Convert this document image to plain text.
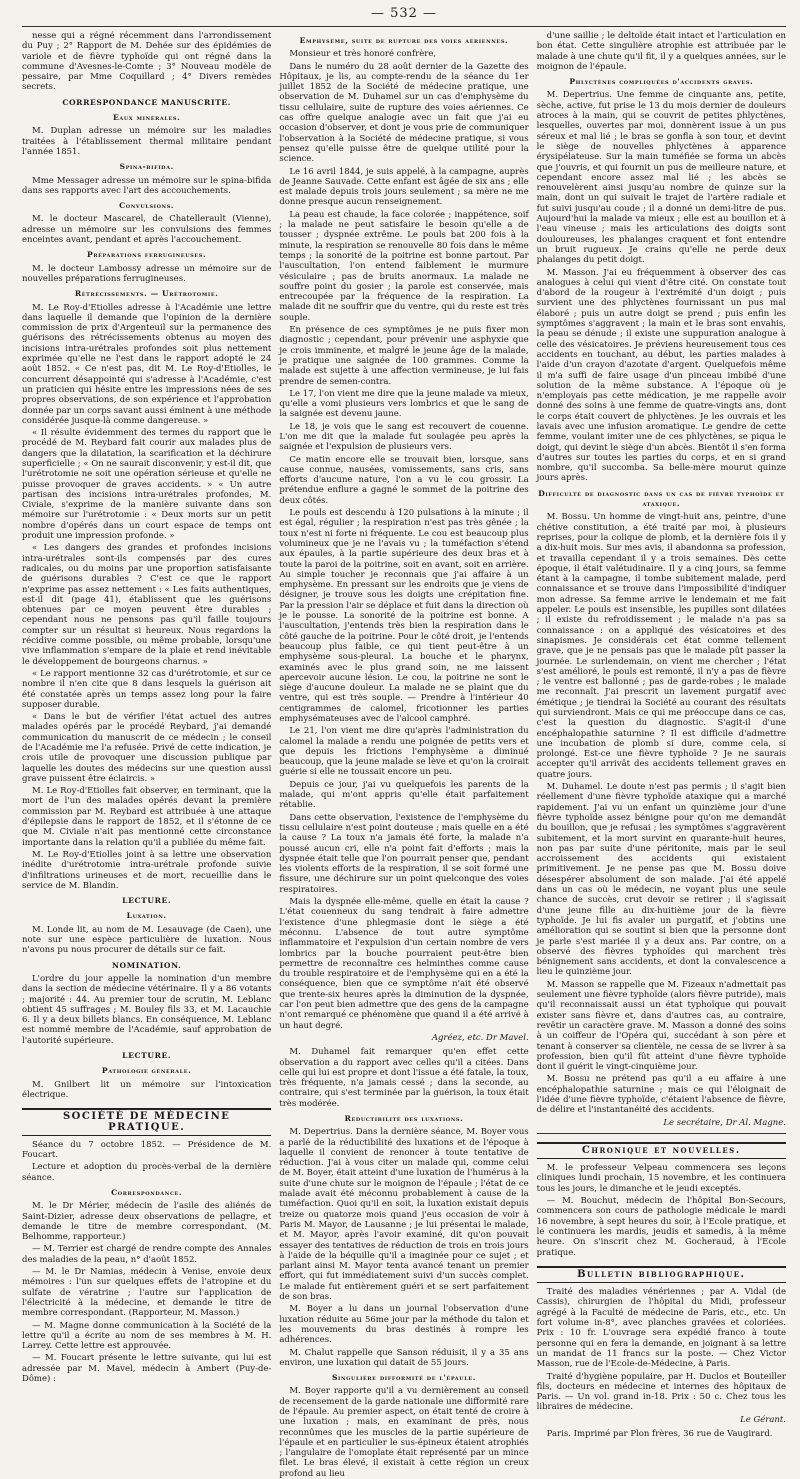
— 532 —

nesse qui a régné récemment dans l'arrondissement du Puy ; 2° Rapport de M. Dehée sur des épidémies de variole et de fièvre typhoïde qui ont régné dans la commune d'Avesnes-le-Comte ; 3° Nouveau modèle de pessaire, par Mme Coquillard ; 4° Divers remèdes secrets.

CORRESPONDANCE MANUSCRITE.
Eaux minérales.

M. Duplan adresse un mémoire sur les maladies traitées à l'établissement thermal militaire pendant l'année 1851.

Spina-bifida.

Mme Messager adresse un mémoire sur le spina-bifida dans ses rapports avec l'art des accouchements.

Convulsions.

M. le docteur Mascarel, de Chatellerault (Vienne), adresse un mémoire sur les convulsions des femmes enceintes avant, pendant et après l'accouchement.

Préparations ferrugineuses.

M. le docteur Lambossy adresse un mémoire sur de nouvelles préparations ferrugineuses.

Rétrécissements. — Urétrotomie.

M. Le Roy-d'Etiolles adresse à l'Académie une lettre dans laquelle il demande que l'opinion de la dernière commission de prix d'Argenteuil sur la permanence des guérisons des rétrécissements obtenus au moyen des incisions intra-urétrales profondes soit plus nettement exprimée qu'elle ne l'est dans le rapport adopté le 24 août 1852. « Ce n'est pas, dit M. Le Roy-d'Etiolles, le concurrent désappointé qui s'adresse à l'Académie, c'est un praticien qui hésite entre les impressions nées de ses propres observations, de son expérience et l'approbation donnée par un corps savant aussi éminent à une méthode considérée jusque-là comme dangereuse. »

« Il résulte évidemment des termes du rapport que le procédé de M. Reybard fait courir aux malades plus de dangers que la dilatation, la scarification et la déchirure superficielle ; « On ne saurait disconvenir, y est-il dit, que l'urétrotomie ne soit une opération sérieuse et qu'elle ne puisse provoquer de graves accidents. » « Un autre partisan des incisions intra-urétrales profondes, M. Civiale, s'exprime de la manière suivante dans son mémoire sur l'urétrotomie : « Deux morts sur un petit nombre d'opérés dans un court espace de temps ont produit une impression profonde. »

« Les dangers des grandes et profondes incisions intra-urétrales sont-ils compensés par des cures radicales, ou du moins par une proportion satisfaisante de guérisons durables ? C'est ce que le rapport n'exprime pas assez nettement : « Les faits authentiques, est-il dit (page 41), établissent que les guérisons obtenues par ce moyen peuvent être durables ; cependant nous ne pensons pas qu'il faille toujours compter sur un résultat si heureux. Nous regardons la récidive comme possible, ou même probable, lorsqu'une vive inflammation s'empare de la plaie et rend inévitable le développement de bourgeons charnus. »

« Le rapport mentionne 32 cas d'urétrotomie, et sur ce nombre il n'en cite que 8 dans lesquels la guérison ait été constatée après un temps assez long pour la faire supposer durable.

« Dans le but de vérifier l'état actuel des autres malades opérés par le procédé Reybard, j'ai demandé communication du manuscrit de ce médecin ; le conseil de l'Académie me l'a refusée. Privé de cette indication, je crois utile de provoquer une discussion publique par laquelle les doutes des médecins sur une question aussi grave puissent être éclaircis. »

M. Le Roy-d'Etiolles fait observer, en terminant, que la mort de l'un des malades opérés devant la première commission par M. Reybard est attribuée à une attaque d'épilepsie dans le rapport de 1852, et il s'étonne de ce que M. Civiale n'ait pas mentionné cette circonstance importante dans la relation qu'il a publiée du même fait.

M. Le Roy-d'Etiolles joint à sa lettre une observation inédite d'urétrotomie intra-urétrale profonde suivie d'infiltrations urineuses et de mort, recueillie dans le service de M. Blandin.

LECTURE.
Luxation.

M. Londe lit, au nom de M. Lesauvage (de Caen), une note sur une espèce particulière de luxation. Nous n'avons pu nous procurer de détails sur ce fait.

NOMINATION.

L'ordre du jour appelle la nomination d'un membre dans la section de médecine vétérinaire. Il y a 86 votants ; majorité : 44. Au premier tour de scrutin, M. Leblanc obtient 45 suffrages ; M. Bouley fils 33, et M. Lacauchie 6. Il y a deux billets blancs. En conséquence, M. Leblanc est nommé membre de l'Académie, sauf approbation de l'autorité supérieure.

LECTURE.
Pathologie générale.

M. Gnilbert lit un mémoire sur l'intoxication électrique.

SOCIÉTÉ DE MÉDECINE PRATIQUE.

Séance du 7 octobre 1852. — Présidence de M. Foucart.

Lecture et adoption du procès-verbal de la dernière séance.

Correspondance.

M. le Dr Mérier, médecin de l'asile des aliénés de Saint-Dizier, adresse deux observations de pellagre, et demande le titre de membre correspondant. (M. Belhomme, rapporteur.)

— M. Terrier est chargé de rendre compte des Annales des maladies de la peau, n° d'août 1852.

— M. le Dr Namias, médecin à Venise, envoie deux mémoires : l'un sur quelques effets de l'atropine et du sulfate de vératrine ; l'autre sur l'application de l'électricité à la médecine, et demande le titre de membre correspondant. (Rapporteur, M. Masson.)

— M. Magne donne communication à la Société de la lettre qu'il a écrite au nom de ses membres à M. H. Larrey. Cette lettre est approuvée.

— M. Foucart présente le lettre suivante, qui lui est adressée par M. Mavel, médecin à Ambert (Puy-de-Dôme) :

Emphysème, suite de rupture des voies aériennes.

Monsieur et très honoré confrère,

Dans le numéro du 28 août dernier de la Gazette des Hôpitaux, je lis, au compte-rendu de la séance du 1er juillet 1852 de la Société de médecine pratique, une observation de M. Duhamel sur un cas d'emphysème du tissu cellulaire, suite de rupture des voies aériennes. Ce cas offre quelque analogie avec un fait que j'ai eu occasion d'observer, et dont je vous prie de communiquer l'observation à la Société de médecine pratique, si vous pensez qu'elle puisse être de quelque utilité pour la science.

Le 16 avril 1844, je suis appelé, à la campagne, auprès de Jeanne Sauvade. Cette enfant est âgée de six ans ; elle est malade depuis trois jours seulement ; sa mère ne me donne presque aucun renseignement.

La peau est chaude, la face colorée ; inappétence, soif ; la malade ne peut satisfaire le besoin qu'elle a de tousser ; dyspnée extrême. Le pouls bat 200 fois à la minute, la respiration se renouvelle 80 fois dans le même temps ; la sonorité de la poitrine est bonne partout. Par l'auscultation, l'on entend faiblement le murmure vésiculaire ; pas de bruits anormaux. La malade ne souffre point du gosier ; la parole est conservée, mais entrecoupée par la fréquence de la respiration. La malade dit ne souffrir que du ventre, qui du reste est très souple.

En présence de ces symptômes je ne puis fixer mon diagnostic ; cependant, pour prévenir une asphyxie que je crois imminente, et malgré le jeune âge de la malade, je pratique une saignée de 100 grammes. Comme la malade est sujette à une affection vermineuse, je lui fais prendre de semen-contra.

Le 17, l'on vient me dire que la jeune malade va mieux, qu'elle a vomi plusieurs vers lombrics et que le sang de la saignée est devenu jaune.

Le 18, je vois que le sang est recouvert de couenne. L'on me dit que la malade fut soulagée peu après la saignée et l'expulsion de plusieurs vers.

Ce matin encore elle se trouvait bien, lorsque, sans cause connue, nausées, vomissements, sans cris, sans efforts d'aucune nature, l'on a vu le cou grossir. La prétendue enflure a gagné le sommet de la poitrine des deux côtés.

Le pouls est descendu à 120 pulsations à la minute ; il est égal, régulier ; la respiration n'est pas très gênée ; la toux n'est ni forte ni fréquente. Le cou est beaucoup plus volumineux que je ne l'avais vu ; la tuméfaction s'étend aux épaules, à la partie supérieure des deux bras et à toute la paroi de la poitrine, soit en avant, soit en arrière. Au simple toucher je reconnais que j'ai affaire à un emphysème. En pressant sur les endroits que je viens de désigner, je trouve sous les doigts une crépitation fine. Par la pression l'air se déplace et fuit dans la direction où je le pousse. La sonorité de la poitrine est bonne. A l'auscultation, j'entends très bien la respiration dans le côté gauche de la poitrine. Pour le côté droit, je l'entends beaucoup plus faible, ce qui tient peut-être à un emphysème sous-pleural. La bouche et le pharynx, examinés avec le plus grand soin, ne me laissent apercevoir aucune lésion. Le cou, la poitrine ne sont le siège d'aucune douleur. La malade ne se plaint que du ventre, qui est très souple. — Prendre à l'intérieur 40 centigrammes de calomel, fricotionner les parties emphysémateuses avec de l'alcool camphré.

Le 21, l'on vient me dire qu'après l'administration du calomel la malade a rendu une poignée de petits vers et que depuis les frictions l'emphysème a diminué beaucoup, que la jeune malade se lève et qu'on la croirait guérie si elle ne toussait encore un peu.

Depuis ce jour, j'ai vu quelquefois les parents de la malade, qui m'ont appris qu'elle était parfaitement rétablie.

Dans cette observation, l'existence de l'emphysème du tissu cellulaire n'est point douteuse ; mais quelle en a été la cause ? La toux n'a jamais été forte, la malade n'a poussé aucun cri, elle n'a point fait d'efforts ; mais la dyspnée était telle que l'on pourrait penser que, pendant les violents efforts de la respiration, il se soit formé une fissure, une déchirure sur un point quelconque des voies respiratoires.

Mais la dyspnée elle-même, quelle en était la cause ? L'état couenneux du sang tendrait à faire admettre l'existence d'une phlegmasie dont le siège a été méconnu. L'absence de tout autre symptôme inflammatoire et l'expulsion d'un certain nombre de vers lombrics par la bouche pourraient peut-être bien permettre de reconnaître ces helminthes comme cause du trouble respiratoire et de l'emphysème qui en a été la conséquence, bien que ce symptôme n'ait été observé que trente-six heures après la diminution de la dyspnée, car l'on peut bien admettre que des gens de la campagne n'ont remarqué ce phénomène que quand il a été arrivé à un haut degré.

Agréez, etc. Dr Mavel.

M. Duhamel fait remarquer qu'en effet cette observation a du rapport avec celles qu'il a citées. Dans celle qui lui est propre et dont l'issue a été fatale, la toux, très fréquente, n'a jamais cessé ; dans la seconde, au contraire, qui s'est terminée par la guérison, la toux était très modérée.

Réductibilité des luxations.

M. Depertrius. Dans la dernière séance, M. Boyer vous a parlé de la réductibilité des luxations et de l'époque à laquelle il convient de renoncer à toute tentative de réduction. J'ai à vous citer un malade qui, comme celui de M. Boyer, était atteint d'une luxation de l'humérus à la suite d'une chute sur le moignon de l'épaule ; l'état de ce malade avait été méconnu probablement à cause de la tuméfaction. Quoi qu'il en soit, la luxation existait depuis treize ou quatorze mois quand j'eus occasion de voir à Paris M. Mayor, de Lausanne ; je lui présentai le malade, et M. Mayor, après l'avoir examiné, dit qu'on pouvait essayer des tentatives de réduction de trois en trois jours à l'aide de la béquille qu'il a imaginée pour ce sujet ; et parlant ainsi M. Mayor tenta avancé tenant un premier effort, qui fut immédiatement suivi d'un succès complet. Le malade fut entièrement guéri et se sert parfaitement de son bras.

M. Boyer a lu dans un journal l'observation d'une luxation réduite au 56me jour par la méthode du talon et les mouvements du bras destinés à rompre les adhérences.

M. Chalut rappelle que Sanson réduisit, il y a 35 ans environ, une luxation qui datait de 55 jours.

Singulière difformité de l'épaule.

M. Boyer rapporte qu'il a vu dernièrement au conseil de recensement de la garde nationale une difformité rare de l'épaule. Au premier aspect, on était tenté de croire à une luxation ; mais, en examinant de près, nous reconnûmes que les muscles de la partie supérieure de l'épaule et en particulier le sus-épineux étaient atrophiés ; l'angulaire de l'omoplate était représenté par un mince filet. Le bras élevé, il existait à cette région un creux profond au lieu

d'une saillie ; le deltoïde était intact et l'articulation en bon état. Cette singulière atrophie est attribuée par le malade à une chute qu'il fit, il y a quelques années, sur le moignon de l'épaule.

Phlyctènes compliquées d'accidents graves.

M. Depertrius. Une femme de cinquante ans, petite, sèche, active, fut prise le 13 du mois dernier de douleurs atroces à la main, qui se couvrit de petites phlyctènes, lesquelles, ouvertes par moi, donnèrent issue à un pus séreux et mal lié ; le bras se gonfla à son tour, et devint le siège de nouvelles phlyctènes à apparence érysipélateuse. Sur la main tuméfiée se forma un abcès que j'ouvris, et qui fournit un pus de meilleure nature, et cependant encore assez mal lié ; les abcès se renouvelèrent ainsi jusqu'au nombre de quinze sur la main, dont un qui suivait le trajet de l'artère radiale et fut suivi jusqu'au coude ; il a donné un demi-litre de pus. Aujourd'hui la malade va mieux ; elle est au bouillon et à l'eau vineuse ; mais les articulations des doigts sont douloureuses, les phalanges craquent et font entendre un bruit rugueux. Je crains qu'elle ne perde deux phalanges du petit doigt.

M. Masson. J'ai eu fréquemment à observer des cas analogues à celui qui vient d'être cité. On constate tout d'abord de la rougeur à l'extrémité d'un doigt ; puis survient une des phlyctènes fournissant un pus mal élaboré ; puis un autre doigt se prend ; puis enfin les symptômes s'aggravent ; la main et le bras sont envahis, la peau se dénude ; il existe une suppuration analogue à celle des vésicatoires. Je préviens heureusement tous ces accidents en touchant, au début, les parties malades à l'aide d'un crayon d'azotate d'argent. Quelquefois même il m'a suffi de faire usage d'un pinceau imbibé d'une solution de la même substance. A l'époque où je n'employais pas cette médication, je me rappelle avoir donné des soins à une femme de quatre-vingts ans, dont le corps était couvert de phlyctènes. Je les ouvrais et les lavais avec une infusion aromatique. Le gendre de cette femme, voulant imiter une de ces phlyctènes, se piqua le doigt, qui devint le siège d'un abcès. Bientôt il s'en forma d'autres sur toutes les parties du corps, et en si grand nombre, qu'il succomba. Sa belle-mère mourut quinze jours après.

Difficulté de diagnostic dans un cas de fièvre typhoïde et ataxique.

M. Bossu. Un homme de vingt-huit ans, peintre, d'une chétive constitution, a été traité par moi, à plusieurs reprises, pour la colique de plomb, et la dernière fois il y a dix-huit mois. Sur mes avis, il abandonna sa profession, et travailla cependant il y a trois semaines. Dès cette époque, il était valétudinaire. Il y a cinq jours, sa femme étant à la campagne, il tombe subitement malade, perd connaissance et se trouve dans l'impossibilité d'indiquer mon adresse. Sa femme arrive le lendemain et me fait appeler. Le pouls est insensible, les pupilles sont dilatées ; il existe du refroidissement ; le malade n'a pas sa connaissance : on a appliqué des vésicatoires et des sinapismes. Je considérais cet état comme tellement grave, que je ne pensais pas que le malade pût passer la journée. Le surlendemain, on vient me chercher ; l'état s'est amélioré, le pouls est remonté, il n'y a pas de fièvre ; le ventre est ballonné ; pas de garde-robes ; le malade me reconnaît. J'ai prescrit un lavement purgatif avec émétique ; je tiendrai la Société au courant des résultats qui surviendront. Mais ce qui me préoccupe dans ce cas, c'est la question du diagnostic. S'agit-il d'une encéphalopathie saturnine ? Il est difficile d'admettre une incubation de plomb si dure, comme cela, si prolongé. Est-ce une fièvre typhoïde ? Je ne saurais accepter qu'il arrivât des accidents tellement graves en quatre jours.

M. Duhamel. Le doute n'est pas permis ; il s'agit bien réellement d'une fièvre typhoïde ataxique qui a marché rapidement. J'ai vu un enfant un quinzième jour d'une fièvre typhoïde assez bénigne pour qu'on me demandât du bouillon, que je refusai ; les symptômes s'aggravèrent subitement, et la mort survint en quarante-huit heures, non pas par suite d'une péritonite, mais par le seul accroissement des accidents qui existaient primitivement. Je ne pense pas que M. Bossu doive désespérer absolument de son malade. J'ai été appelé dans un cas où le médecin, ne voyant plus une seule chance de succès, crut devoir se retirer ; il s'agissait d'une jeune fille au dix-huitième jour de la fièvre typhoïde. Je lui fis avaler un purgatif, et j'obtins une amélioration qui se soutint si bien que la personne dont je parle s'est mariée il y a deux ans. Par contre, on a observé des fièvres typhoïdes qui marchent très bénignement sans accidents, et dont la convalescence a lieu le quinzième jour.

M. Masson se rappelle que M. Fizeaux n'admettait pas seulement une fièvre typhoïde (alors fièvre putride), mais qu'il reconnaissait aussi un état typhoïque qui pouvait exister sans fièvre et, dans d'autres cas, au contraire, revêtir un caractère grave. M. Masson a donné des soins à un coiffeur de l'Opéra qui, succédant à son père et tenant à conserver sa clientèle, ne cessa de se livrer à sa profession, bien qu'il fût atteint d'une fièvre typhoïde dont il guérit le vingt-cinquième jour.

M. Bossu ne prétend pas qu'il a eu affaire à une encéphalopathie saturnine ; mais ce qui l'éloignait de l'idée d'une fièvre typhoïde, c'étaient l'absence de fièvre, de délire et l'instantanéité des accidents.

Le secrétaire, Dr Al. Magne.
Chronique et nouvelles.

M. le professeur Velpeau commencera ses leçons cliniques lundi prochain, 15 novembre, et les continuera tous les jours, le dimanche et le jeudi exceptés.

— M. Bouchut, médecin de l'hôpital Bon-Secours, commencera son cours de pathologie médicale le mardi 16 novembre, à sept heures du soir, à l'Ecole pratique, et le continuera les mardis, jeudis et samedis, à la même heure. On s'inscrit chez M. Gocheraud, à l'Ecole pratique.

Bulletin bibliographique.

Traité des maladies vénériennes ; par A. Vidal (de Cassis), chirurgien de l'hôpital du Midi, professeur agrégé à la Faculté de médecine de Paris, etc., etc. Un fort volume in-8°, avec planches gravées et coloriées. Prix : 10 fr. L'ouvrage sera expédié franco à toute personne qui en fera la demande, en joignant à sa lettre un mandat de 11 francs sur la poste. — Chez Victor Masson, rue de l'Ecole-de-Médecine, à Paris.

Traité d'hygiène populaire, par H. Duclos et Bouteiller fils, docteurs en médecine et internes des hôpitaux de Paris. — Un vol. grand in-18. Prix : 50 c. Chez tous les libraires de médecine.

Le Gérant.

Paris. Imprimé par Plon frères, 36 rue de Vaugirard.
